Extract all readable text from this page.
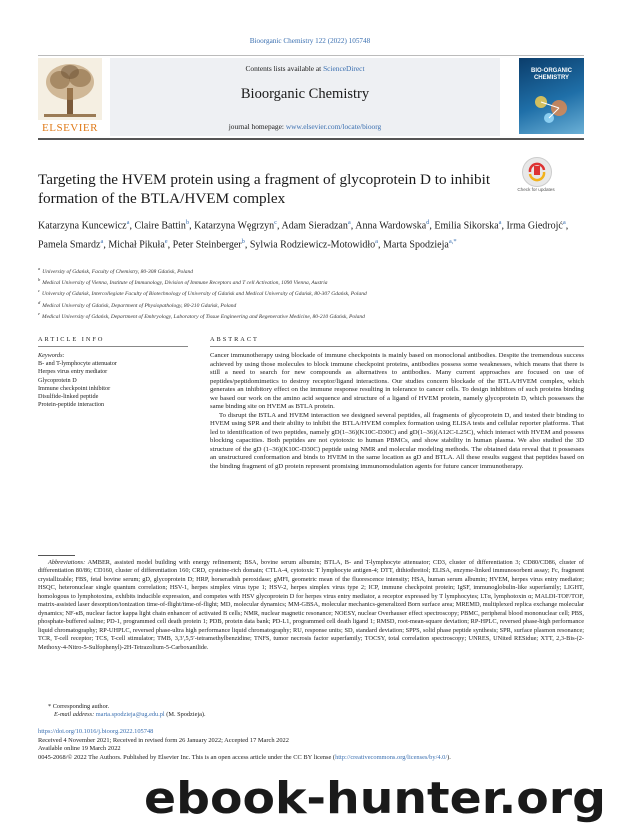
Bioorganic Chemistry 122 (2022) 105748
ELSEVIER
Contents lists available at ScienceDirect
Bioorganic Chemistry
journal homepage: www.elsevier.com/locate/bioorg
BIO-ORGANIC CHEMISTRY
Targeting the HVEM protein using a fragment of glycoprotein D to inhibit formation of the BTLA/HVEM complex
Check for updates
Katarzyna Kuncewicz$^a$, Claire Battin$^b$, Katarzyna Węgrzyn$^c$, Adam Sieradzan$^a$, Anna Wardowska$^d$, Emilia Sikorska$^a$, Irma Giedrojć$^a$, Pamela Smardz$^a$, Michał Pikuła$^e$, Peter Steinberger$^b$, Sylwia Rodziewicz-Motowidło$^a$, Marta Spodzieja$^{a,*}$
$^a$University of Gdańsk, Faculty of Chemistry, 80-308 Gdańsk, Poland
$^b$Medical University of Vienna, Institute of Immunology, Division of Immune Receptors and T cell Activation, 1090 Vienna, Austria
$^c$University of Gdańsk, Intercollegiate Faculty of Biotechnology of University of Gdańsk and Medical University of Gdańsk, 80-307 Gdańsk, Poland
$^d$Medical University of Gdańsk, Department of Physiopathology, 80-210 Gdańsk, Poland
$^e$Medical University of Gdańsk, Department of Embryology, Laboratory of Tissue Engineering and Regenerative Medicine, 80-210 Gdańsk, Poland
ARTICLE INFO
Keywords:
B- and T-lymphocyte attenuator
Herpes virus entry mediator
Glycoprotein D
Immune checkpoint inhibitor
Disulfide-linked peptide
Protein-peptide interaction
ABSTRACT

Cancer immunotherapy using blockade of immune checkpoints is mainly based on monoclonal antibodies. Despite the tremendous success achieved by using those molecules to block immune checkpoint proteins, antibodies possess some weaknesses, which means that there is still a need to search for new compounds as alternatives to antibodies. Many current approaches are focused on use of peptides/peptidomimetics to destroy receptor/ligand interactions. Our studies concern blockade of the BTLA/HVEM complex, which generates an inhibitory effect on the immune response resulting in tolerance to cancer cells. To design inhibitors of such proteins binding we based our work on the amino acid sequence and structure of a ligand of HVEM protein, namely glycoprotein D, which possesses the same binding site on HVEM as BTLA protein.

To disrupt the BTLA and HVEM interaction we designed several peptides, all fragments of glycoprotein D, and tested their binding to HVEM using SPR and their ability to inhibit the BTLA/HVEM complex formation using ELISA tests and cellular reporter platforms. That led to identification of two peptides, namely gD(1–36)(K10C-D30C) and gD(1–36)(A12C-L25C), which interact with HVEM and possess blocking capacities. Both peptides are not cytotoxic to human PBMCs, and show stability in human plasma. We also studied the 3D structure of the gD (1–36)(K10C-D30C) peptide using NMR and molecular modeling methods. The obtained data reveal that it possesses an unstructured conformation and binds to HVEM in the same location as gD and BTLA. All these results suggest that peptides based on the binding fragment of gD protein represent promising immunomodulation agents for future cancer immunotherapy.

Abbreviations: AMBER, assisted model building with energy refinement; BSA, bovine serum albumin; BTLA, B- and T-lymphocyte attenuator; CD3, cluster of differentiation 3; CD80/CD86, cluster of differentiation 80/86; CD160, cluster of differentiation 160; CRD, cysteine-rich domain; CTLA-4, cytotoxic T lymphocyte antigen-4; DTT, dithiothreitol; ELISA, enzyme-linked immunosorbent assay; Fc, fragment crystallizable; FBS, fetal bovine serum; gD, glycoprotein D; HRP, horseradish peroxidase; gMFI, geometric mean of the fluorescence intensity; HSA, human serum albumin; HVEM, herpes virus entry mediator; HSQC, heteronuclear single quantum correlation; HSV-1, herpes simplex virus type 1; HSV-2, herpes simplex virus type 2; ICP, immune checkpoint protein; IgSF, immunoglobulin-like superfamily; LIGHT, homologous to lymphotoxins, exhibits inducible expression, and competes with HSV glycoprotein D for herpes virus entry mediator, a receptor expressed by T lymphocytes; LTα, lymphotoxin α; MALDI-TOF/TOF, matrix-assisted laser desorption/ionization time-of-flight/time-of-flight; MD, molecular dynamics; MM-GBSA, molecular mechanics-generalized Born surface area; MREMD, multiplexed replica exchange molecular dynamics; NF-κB, nuclear factor kappa light chain enhancer of activated B cells; NMR, nuclear magnetic resonance; NOESY, nuclear Overhauser effect spectroscopy; PBMC, peripheral blood mononuclear cell; PBS, phosphate-buffered saline; PD-1, programmed cell death protein 1; PDB, protein data bank; PD-L1, programmed cell death ligand 1; RMSD, root-mean-square deviation; RP-HPLC, reversed phase-high performance liquid chromatography; RP-UHPLC, reversed phase-ultra high performance liquid chromatography; RU, response units; SD, standard deviation; SPPS, solid phase peptide synthesis; SPR, surface plasmon resonance; TCR, T-cell receptor; TCS, T-cell stimulator; TMB, 3,3′,5,5′-tetramethylbenzidine; TNFS, tumor necrosis factor superfamily; TOCSY, total correlation spectroscopy; UNRES, UNited RESidue; XTT, 2,3-Bis-(2-Methoxy-4-Nitro-5-Sulfophenyl)-2H-Tetrazolium-5-Carboxanilide.
* Corresponding author.
E-mail address: marta.spodzieja@ug.edu.pl (M. Spodzieja).
https://doi.org/10.1016/j.bioorg.2022.105748
Received 4 November 2021; Received in revised form 26 January 2022; Accepted 17 March 2022
Available online 19 March 2022
0045-2068/© 2022 The Authors. Published by Elsevier Inc. This is an open access article under the CC BY license (http://creativecommons.org/licenses/by/4.0/).
ebook-hunter.org
